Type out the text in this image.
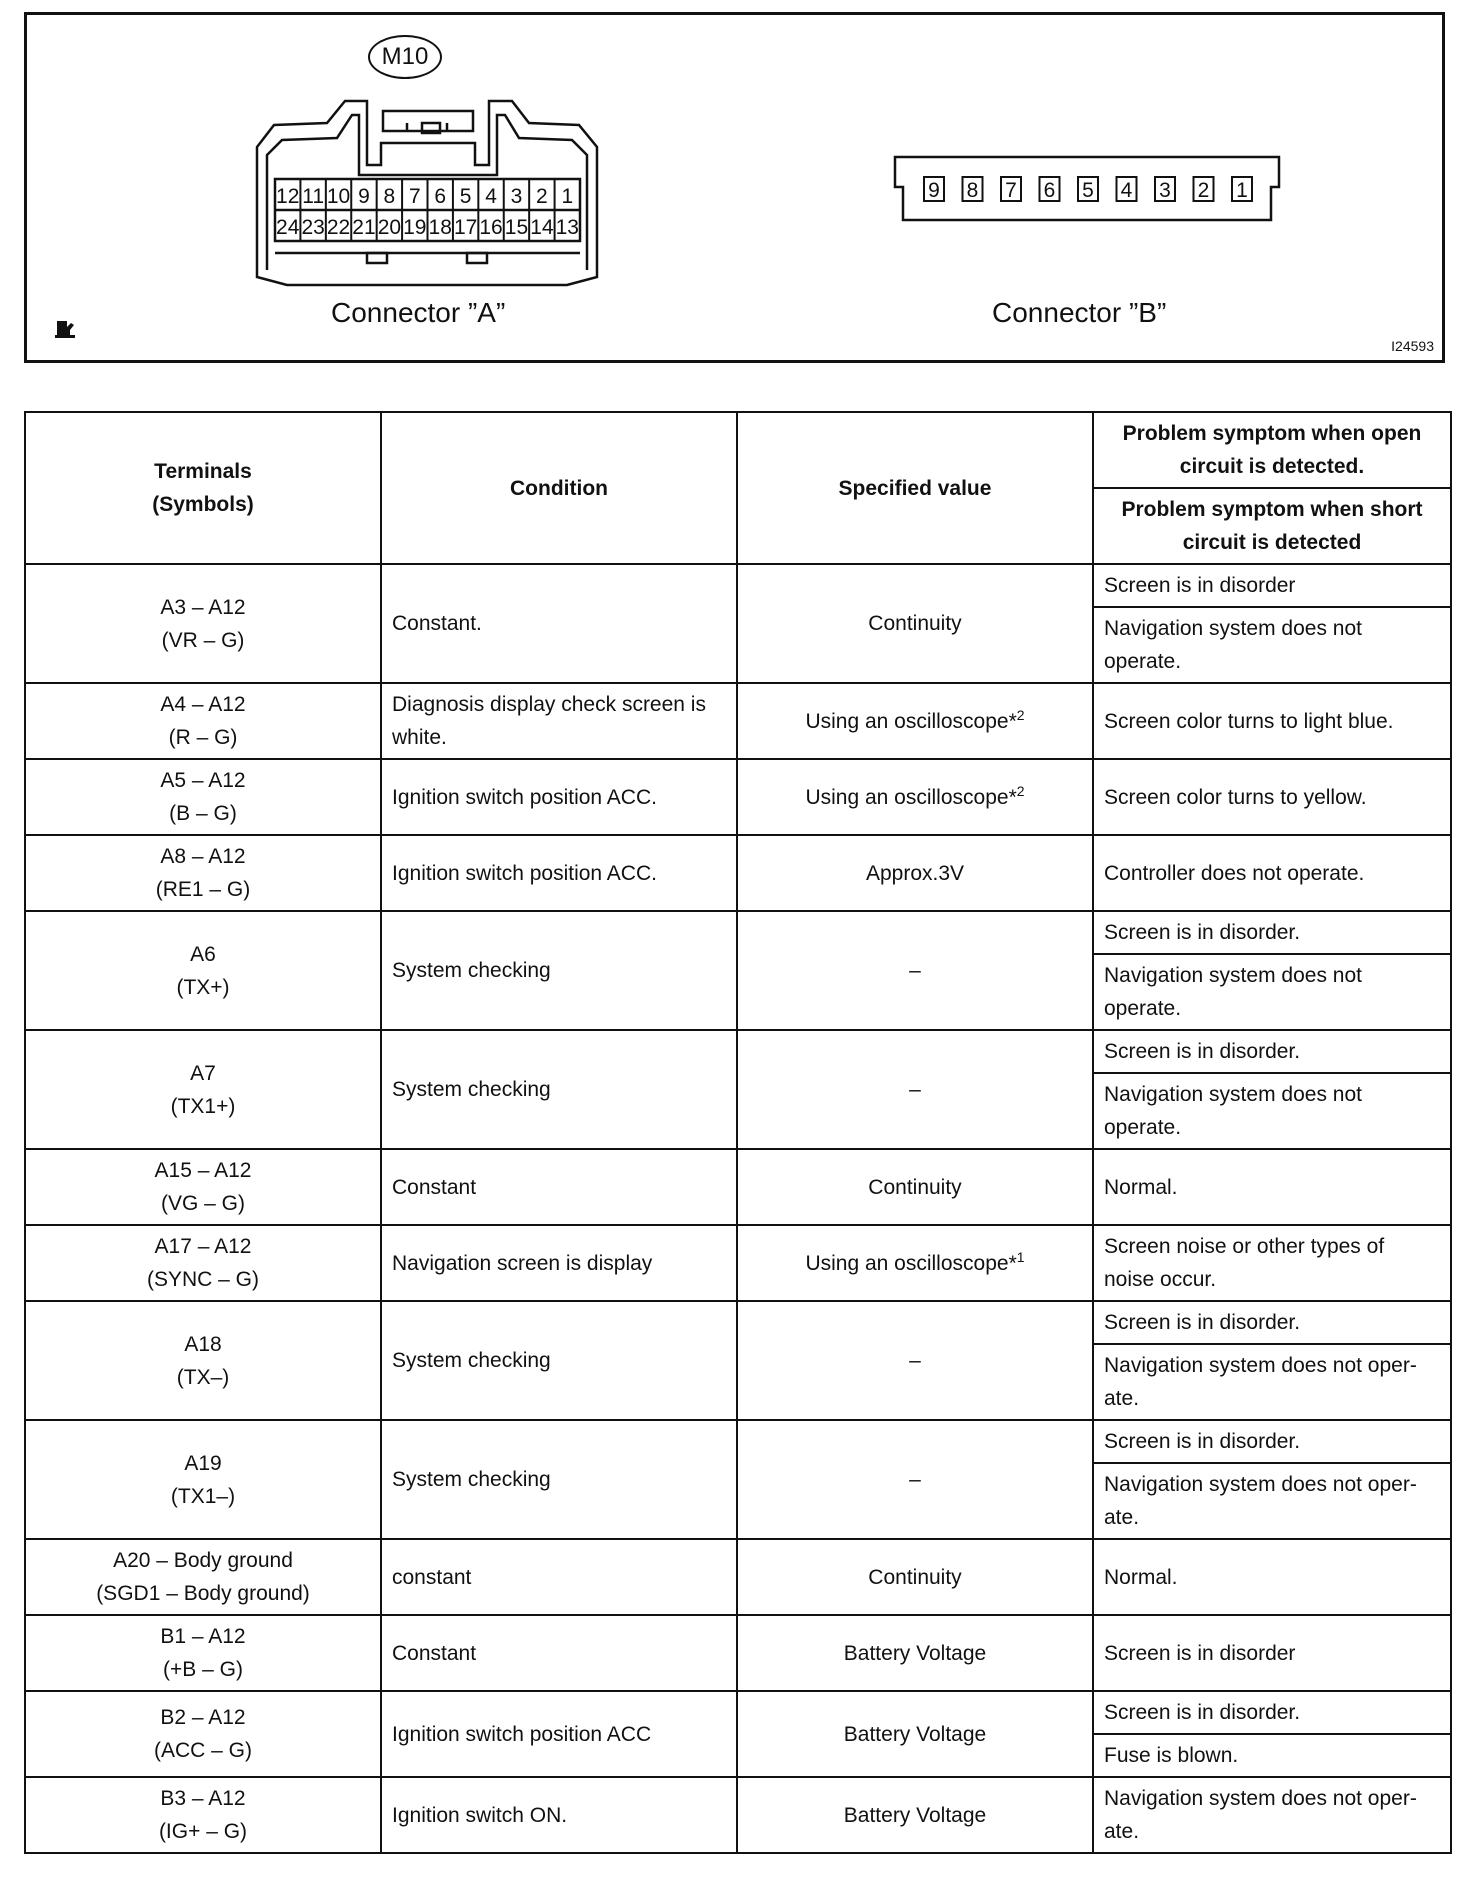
12 11 10 9 8 7 6 5 4 3 2 1
24 23 22 21 20 19 18 17 16 15 14 13
9 8 7 6 5 4 3 2 1
M10
Connector ”A”	Connector ”B”
I24593
Terminals
(Symbols)	Condition	Specified value	Problem symptom when open circuit is detected.
			Problem symptom when short circuit is detected
A3 – A12
(VR – G)	Constant.	Continuity	Screen is in disorder
			Navigation system does not operate.
A4 – A12
(R – G)	Diagnosis display check screen is white.	Using an oscilloscope*$^2$	Screen color turns to light blue.
A5 – A12
(B – G)	Ignition switch position ACC.	Using an oscilloscope*$^2$	Screen color turns to yellow.
A8 – A12
(RE1 – G)	Ignition switch position ACC.	Approx.3V	Controller does not operate.
A6
(TX+)	System checking	–	Screen is in disorder.
			Navigation system does not operate.
A7
(TX1+)	System checking	–	Screen is in disorder.
			Navigation system does not operate.
A15 – A12
(VG – G)	Constant	Continuity	Normal.
A17 – A12
(SYNC – G)	Navigation screen is display	Using an oscilloscope*$^1$	Screen noise or other types of noise occur.
A18
(TX–)	System checking	–	Screen is in disorder.
			Navigation system does not oper-ate.
A19
(TX1–)	System checking	–	Screen is in disorder.
			Navigation system does not oper-ate.
A20 – Body ground
(SGD1 – Body ground)	constant	Continuity	Normal.
B1 – A12
(+B – G)	Constant	Battery Voltage	Screen is in disorder
B2 – A12
(ACC – G)	Ignition switch position ACC	Battery Voltage	Screen is in disorder.
			Fuse is blown.
B3 – A12
(IG+ – G)	Ignition switch ON.	Battery Voltage	Navigation system does not oper-ate.
